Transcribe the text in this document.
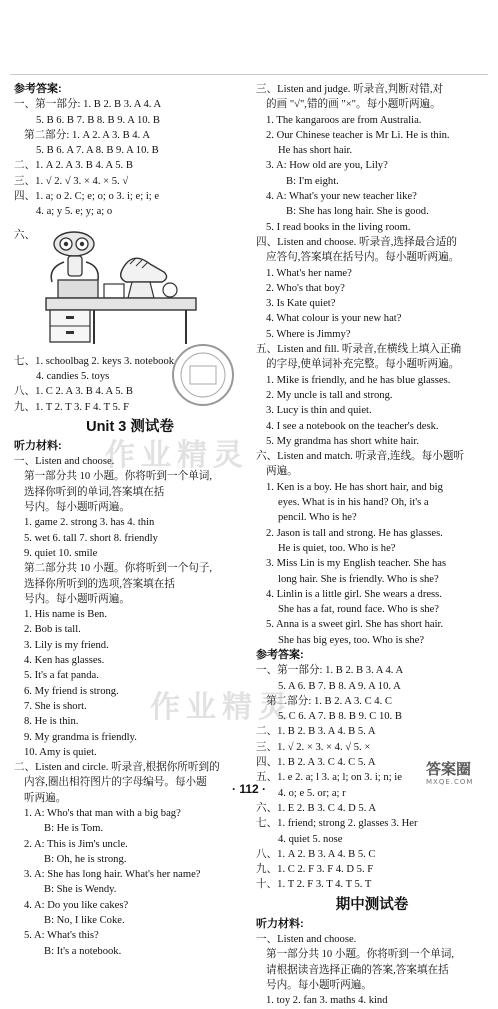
参考答案:
一、第一部分: 1. B 2. B 3. A 4. A
5. B 6. B 7. B 8. B 9. A 10. B
第二部分: 1. A 2. A 3. B 4. A
5. B 6. A 7. A 8. B 9. A 10. B
二、1. A 2. A 3. B 4. A 5. B
三、1. √ 2. √ 3. × 4. × 5. √
四、1. a; o 2. C; e; o; o 3. i; e; i; e
4. a; y 5. e; y; a; o
六、
七、1. schoolbag 2. keys 3. notebook
4. candies 5. toys
八、1. C 2. A 3. B 4. A 5. B
九、1. T 2. T 3. F 4. T 5. F
Unit 3 测试卷
听力材料:
一、Listen and choose.
第一部分共 10 小题。你将听到一个单词,
选择你听到的单词,答案填在括
号内。每小题听两遍。
1. game 2. strong 3. has 4. thin
5. wet 6. tall 7. short 8. friendly
9. quiet 10. smile
第二部分共 10 小题。你将听到一个句子,
选择你所听到的选项,答案填在括
号内。每小题听两遍。
1. His name is Ben.
2. Bob is tall.
3. Lily is my friend.
4. Ken has glasses.
5. It's a fat panda.
6. My friend is strong.
7. She is short.
8. He is thin.
9. My grandma is friendly.
10. Amy is quiet.
二、Listen and circle. 听录音,根据你所听到的
内容,圈出相符图片的字母编号。每小题
听两遍。
1. A: Who's that man with a big bag?
B: He is Tom.
2. A: This is Jim's uncle.
B: Oh, he is strong.
3. A: She has long hair. What's her name?
B: She is Wendy.
4. A: Do you like cakes?
B: No, I like Coke.
5. A: What's this?
B: It's a notebook.
三、Listen and judge. 听录音,判断对错,对
的画 "√",错的画 "×"。每小题听两遍。
1. The kangaroos are from Australia.
2. Our Chinese teacher is Mr Li. He is thin.
He has short hair.
3. A: How old are you, Lily?
B: I'm eight.
4. A: What's your new teacher like?
B: She has long hair. She is good.
5. I read books in the living room.
四、Listen and choose. 听录音,选择最合适的
应答句,答案填在括号内。每小题听两遍。
1. What's her name?
2. Who's that boy?
3. Is Kate quiet?
4. What colour is your new hat?
5. Where is Jimmy?
五、Listen and fill. 听录音,在横线上填入正确
的字母,使单词补充完整。每小题听两遍。
1. Mike is friendly, and he has blue glasses.
2. My uncle is tall and strong.
3. Lucy is thin and quiet.
4. I see a notebook on the teacher's desk.
5. My grandma has short white hair.
六、Listen and match. 听录音,连线。每小题听
两遍。
1. Ken is a boy. He has short hair, and big
eyes. What is in his hand? Oh, it's a
pencil. Who is he?
2. Jason is tall and strong. He has glasses.
He is quiet, too. Who is he?
3. Miss Lin is my English teacher. She has
long hair. She is friendly. Who is she?
4. Linlin is a little girl. She wears a dress.
She has a fat, round face. Who is she?
5. Anna is a sweet girl. She has short hair.
She has big eyes, too. Who is she?
参考答案:
一、第一部分: 1. B 2. B 3. A 4. A
5. A 6. B 7. B 8. A 9. A 10. A
第二部分: 1. B 2. A 3. C 4. C
5. C 6. A 7. B 8. B 9. C 10. B
二、1. B 2. B 3. A 4. B 5. A
三、1. √ 2. × 3. × 4. √ 5. ×
四、1. B 2. A 3. C 4. C 5. A
五、1. e 2. a; l 3. a; l; on 3. i; n; ie
4. o; e 5. or; a; r
六、1. E 2. B 3. C 4. D 5. A
七、1. friend; strong 2. glasses 3. Her
4. quiet 5. nose
八、1. A 2. B 3. A 4. B 5. C
九、1. C 2. F 3. F 4. D 5. F
十、1. T 2. F 3. T 4. T 5. T
期中测试卷
听力材料:
一、Listen and choose.
第一部分共 10 小题。你将听到一个单词,
请根据读音选择正确的答案,答案填在括
号内。每小题听两遍。
1. toy 2. fan 3. maths 4. kind
作业精灵
作业精灵
答案圈
MXQE.COM
· 112 ·
